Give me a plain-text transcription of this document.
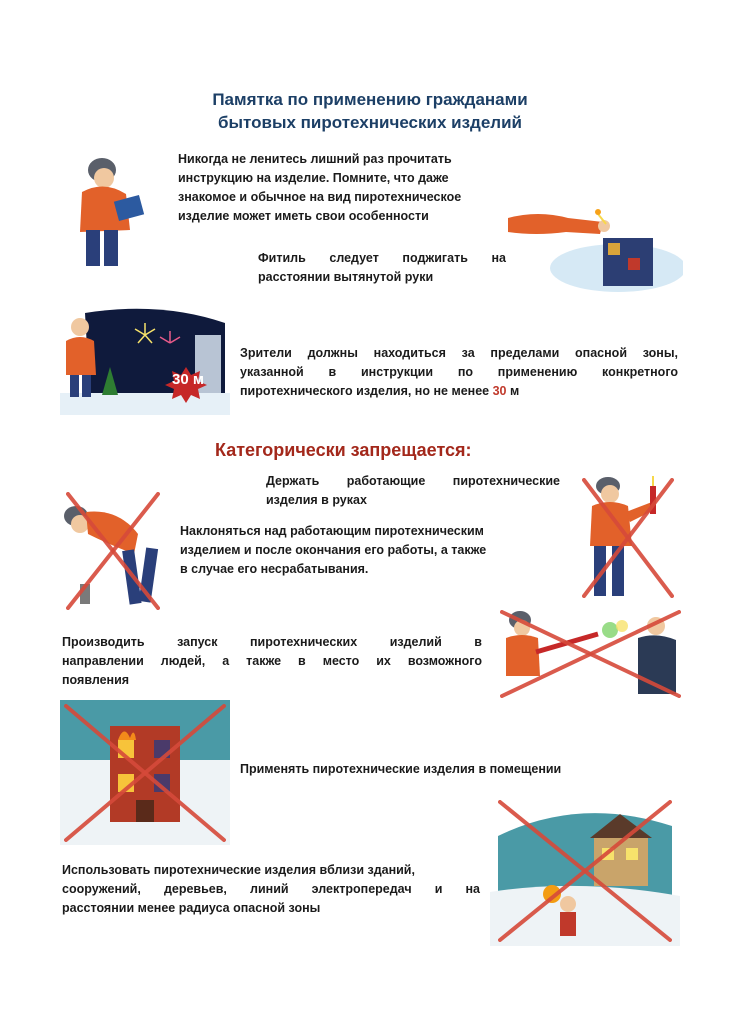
Памятка по применению гражданами
бытовых пиротехнических изделий
Никогда не ленитесь лишний раз прочитать
инструкцию на изделие. Помните, что даже
знакомое и обычное на вид пиротехническое
изделие может иметь свои особенности
Фитиль следует поджигать на
расстоянии вытянутой руки
30 м
Зрители должны находиться за пределами опасной зоны,
указанной в инструкции по применению конкретного
пиротехнического изделия, но не менее 30 м
Категорически запрещается:
Держать работающие пиротехнические
изделия в руках
Наклоняться над работающим пиротехническим
изделием и после окончания его работы, а также
в случае его несрабатывания.
Производить запуск пиротехнических изделий в
направлении людей, а также в место их возможного
появления
Применять пиротехнические изделия в помещении
Использовать пиротехнические изделия вблизи зданий,
сооружений, деревьев, линий электропередач и на
расстоянии менее радиуса опасной зоны
